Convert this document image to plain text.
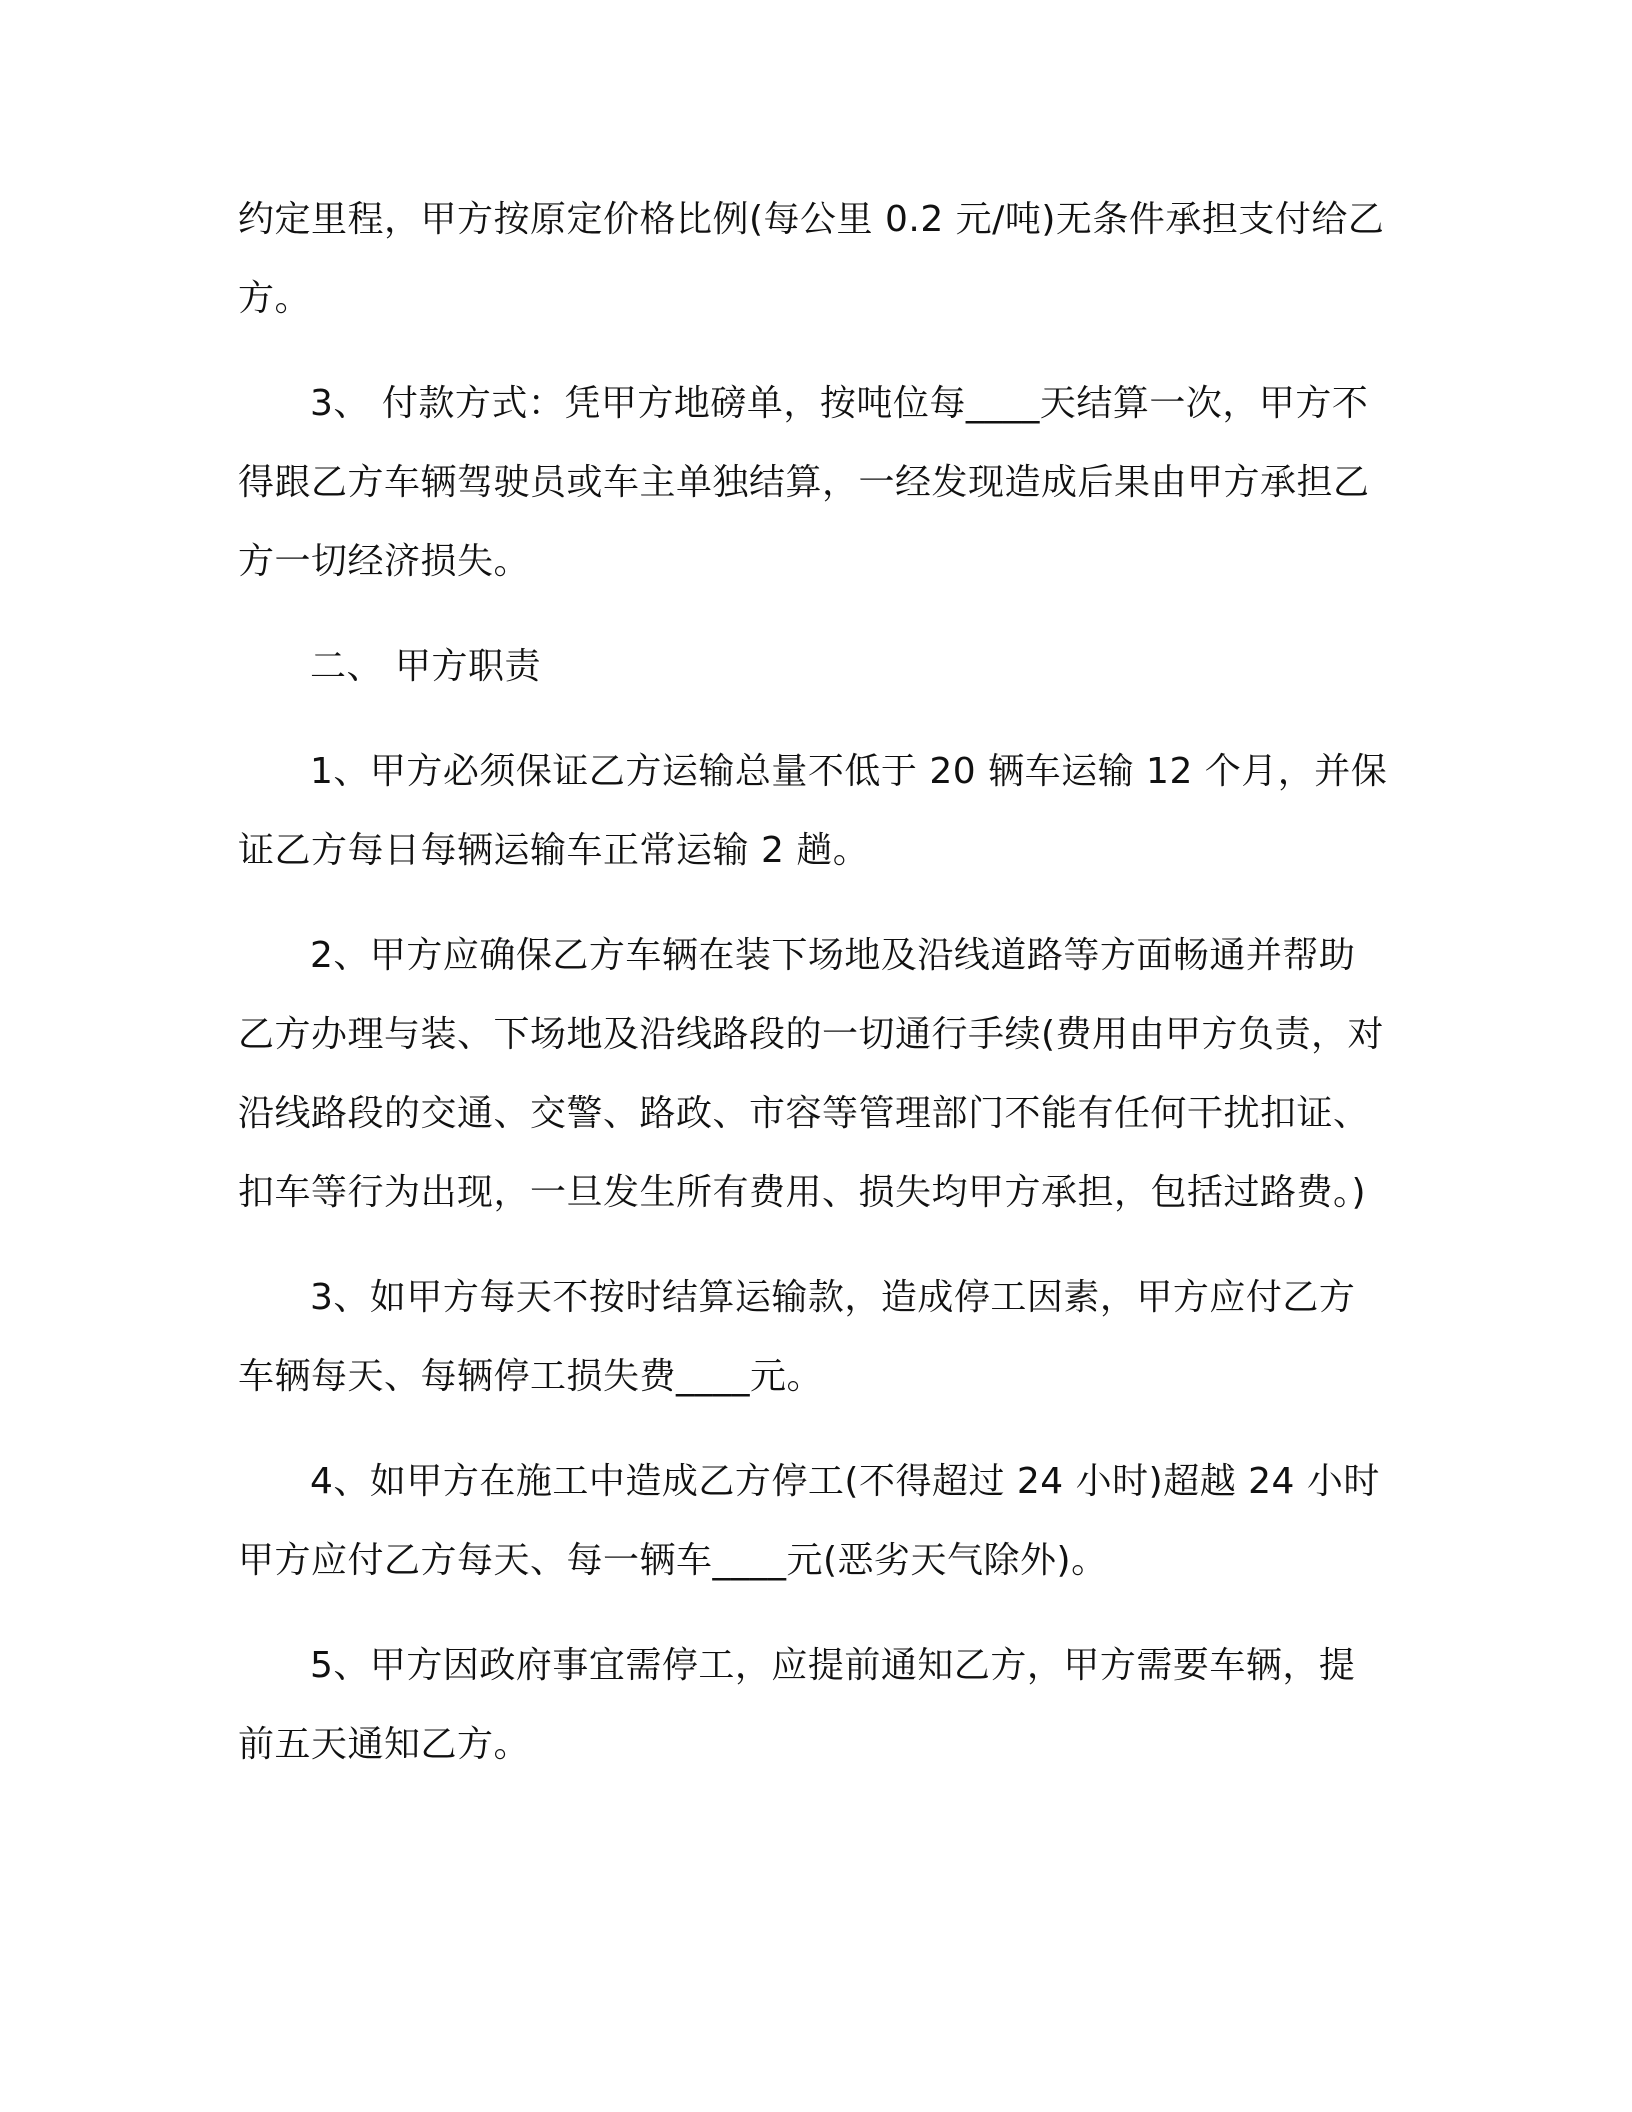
约定里程，甲方按原定价格比例(每公里 0.2 元/吨)无条件承担支付给乙方。

3、 付款方式：凭甲方地磅单，按吨位每____天结算一次，甲方不得跟乙方车辆驾驶员或车主单独结算，一经发现造成后果由甲方承担乙方一切经济损失。

二、 甲方职责

1、甲方必须保证乙方运输总量不低于 20 辆车运输 12 个月，并保证乙方每日每辆运输车正常运输 2 趟。

2、甲方应确保乙方车辆在装下场地及沿线道路等方面畅通并帮助乙方办理与装、下场地及沿线路段的一切通行手续(费用由甲方负责，对沿线路段的交通、交警、路政、市容等管理部门不能有任何干扰扣证、扣车等行为出现，一旦发生所有费用、损失均甲方承担，包括过路费。)

3、如甲方每天不按时结算运输款，造成停工因素，甲方应付乙方车辆每天、每辆停工损失费____元。

4、如甲方在施工中造成乙方停工(不得超过 24 小时)超越 24 小时甲方应付乙方每天、每一辆车____元(恶劣天气除外)。

5、甲方因政府事宜需停工，应提前通知乙方，甲方需要车辆，提前五天通知乙方。
